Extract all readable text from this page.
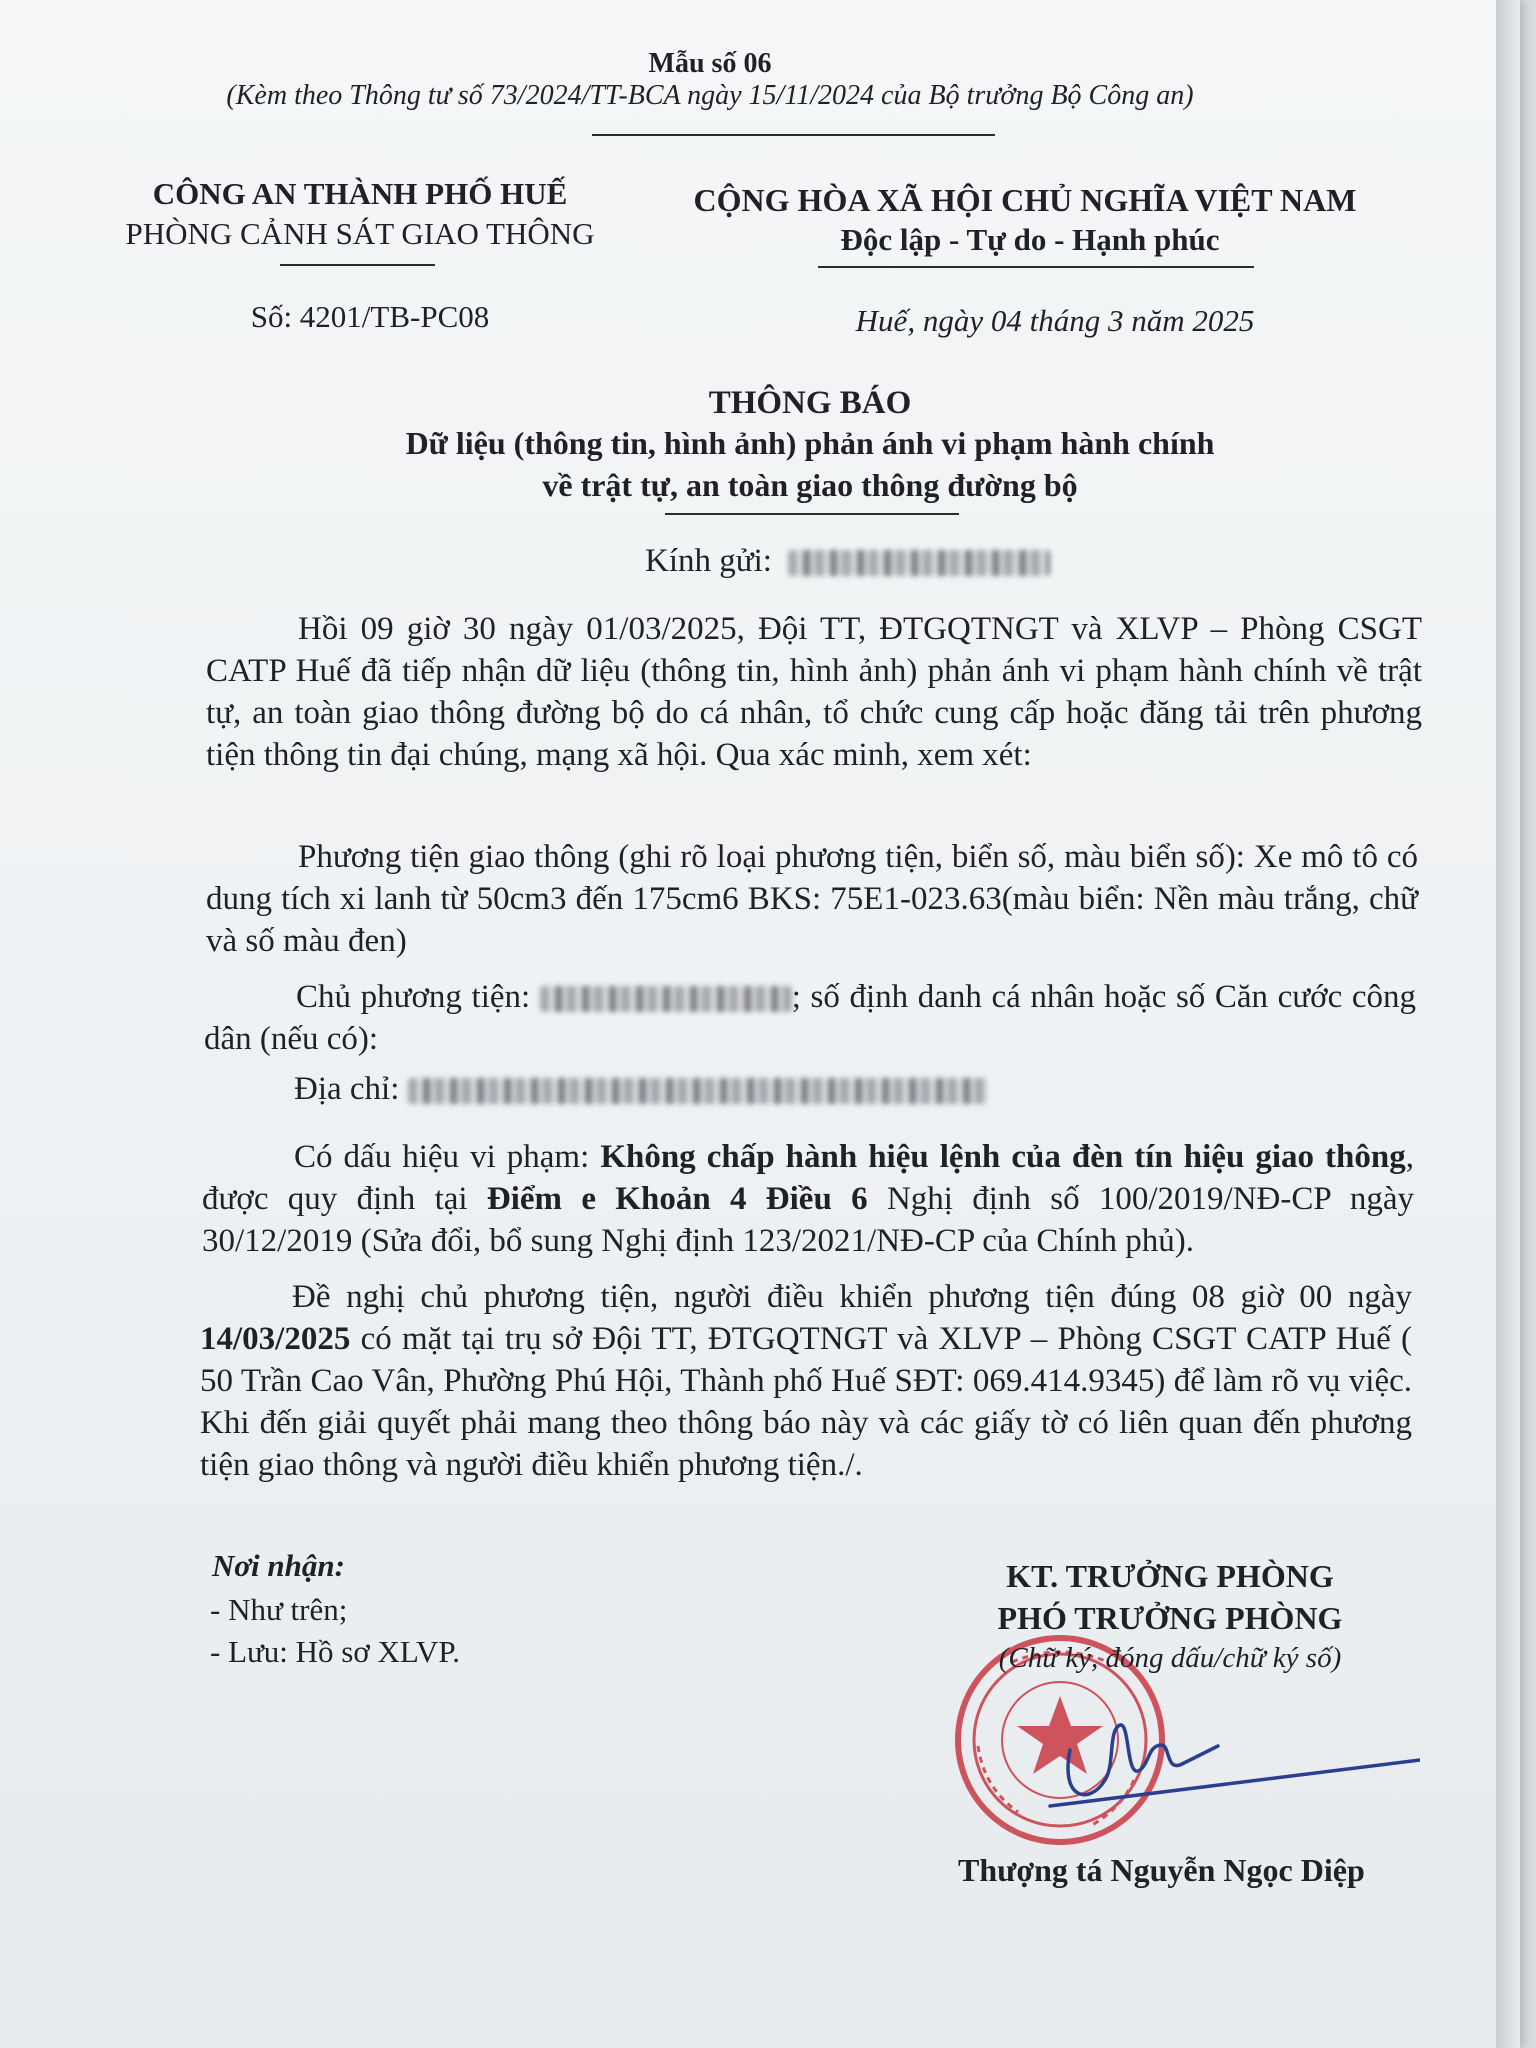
Mẫu số 06

(Kèm theo Thông tư số 73/2024/TT-BCA ngày 15/11/2024 của Bộ trưởng Bộ Công an)

CÔNG AN THÀNH PHỐ HUẾ

PHÒNG CẢNH SÁT GIAO THÔNG

Số: 4201/TB-PC08

CỘNG HÒA XÃ HỘI CHỦ NGHĨA VIỆT NAM

Độc lập - Tự do - Hạnh phúc

Huế, ngày 04 tháng 3 năm 2025

THÔNG BÁO

Dữ liệu (thông tin, hình ảnh) phản ánh vi phạm hành chính

về trật tự, an toàn giao thông đường bộ

Kính gửi:

Hồi 09 giờ 30 ngày 01/03/2025, Đội TT, ĐTGQTNGT và XLVP – Phòng CSGT CATP Huế đã tiếp nhận dữ liệu (thông tin, hình ảnh) phản ánh vi phạm hành chính về trật tự, an toàn giao thông đường bộ do cá nhân, tổ chức cung cấp hoặc đăng tải trên phương tiện thông tin đại chúng, mạng xã hội. Qua xác minh, xem xét:

Phương tiện giao thông (ghi rõ loại phương tiện, biển số, màu biển số): Xe mô tô có dung tích xi lanh từ 50cm3 đến 175cm6 BKS: 75E1-023.63(màu biển: Nền màu trắng, chữ và số màu đen)

Chủ phương tiện:	; số định danh cá nhân hoặc số Căn cước công dân (nếu có):

Địa chỉ:

Có dấu hiệu vi phạm: Không chấp hành hiệu lệnh của đèn tín hiệu giao thông, được quy định tại Điểm e Khoản 4 Điều 6 Nghị định số 100/2019/NĐ-CP ngày 30/12/2019 (Sửa đổi, bổ sung Nghị định 123/2021/NĐ-CP của Chính phủ).

Đề nghị chủ phương tiện, người điều khiển phương tiện đúng 08 giờ 00 ngày 14/03/2025 có mặt tại trụ sở Đội TT, ĐTGQTNGT và XLVP – Phòng CSGT CATP Huế ( 50 Trần Cao Vân, Phường Phú Hội, Thành phố Huế SĐT: 069.414.9345) để làm rõ vụ việc. Khi đến giải quyết phải mang theo thông báo này và các giấy tờ có liên quan đến phương tiện giao thông và người điều khiển phương tiện./.

Nơi nhận:

- Như trên;

- Lưu: Hồ sơ XLVP.

KT. TRƯỞNG PHÒNG

PHÓ TRƯỞNG PHÒNG

(Chữ ký, đóng dấu/chữ ký số)

Thượng tá Nguyễn Ngọc Diệp
